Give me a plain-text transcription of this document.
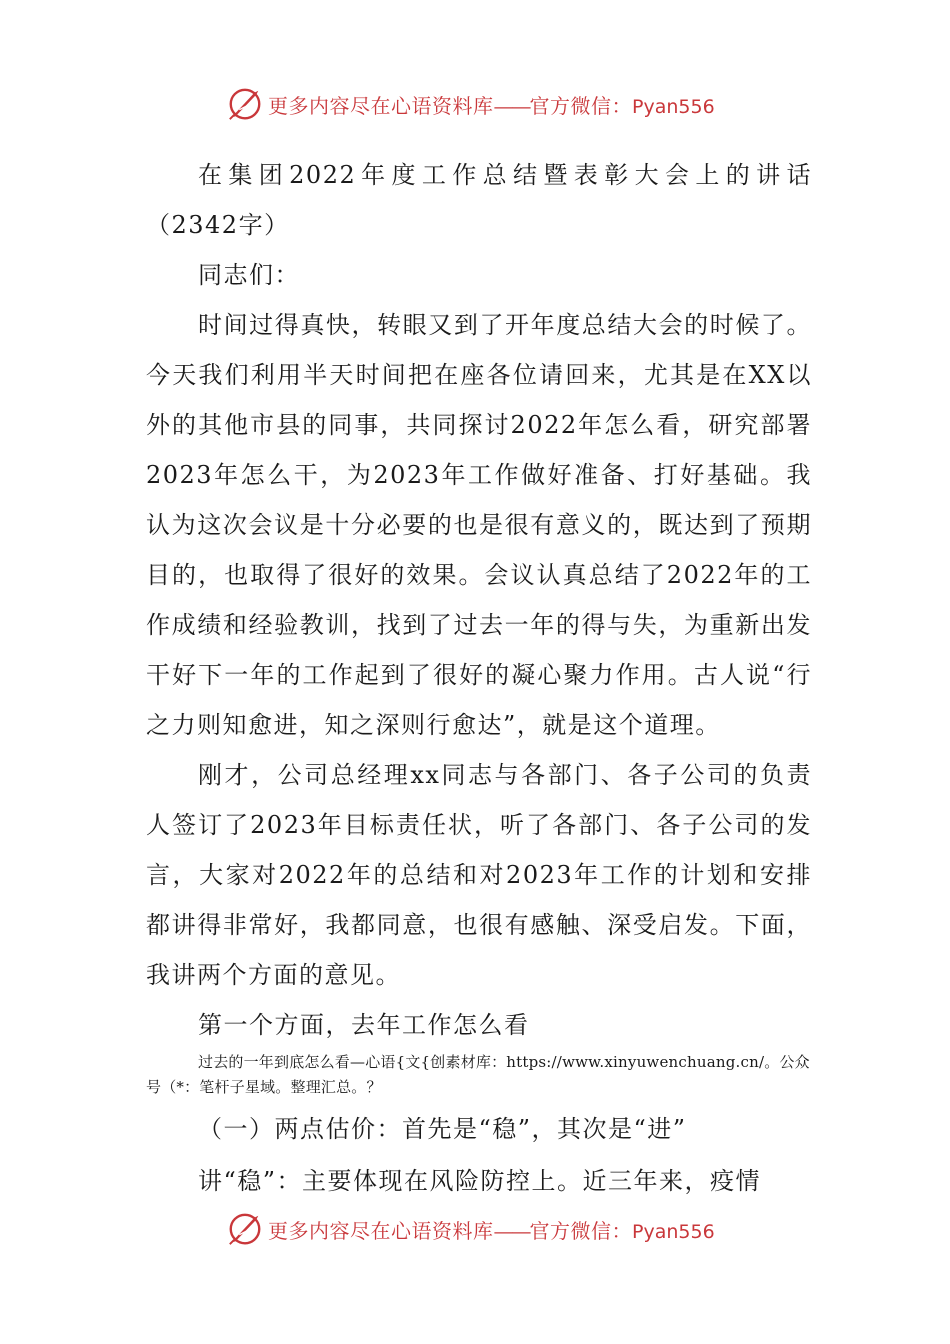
更多内容尽在心语资料库——官方微信：Pyan556

在集团2022年度工作总结暨表彰大会上的讲话（2342字）

同志们：

时间过得真快，转眼又到了开年度总结大会的时候了。今天我们利用半天时间把在座各位请回来，尤其是在XX以外的其他市县的同事，共同探讨2022年怎么看，研究部署2023年怎么干，为2023年工作做好准备、打好基础。我认为这次会议是十分必要的也是很有意义的，既达到了预期目的，也取得了很好的效果。会议认真总结了2022年的工作成绩和经验教训，找到了过去一年的得与失，为重新出发干好下一年的工作起到了很好的凝心聚力作用。古人说“行之力则知愈进，知之深则行愈达”，就是这个道理。

刚才，公司总经理xx同志与各部门、各子公司的负责人签订了2023年目标责任状，听了各部门、各子公司的发言，大家对2022年的总结和对2023年工作的计划和安排都讲得非常好，我都同意，也很有感触、深受启发。下面，我讲两个方面的意见。

第一个方面，去年工作怎么看

过去的一年到底怎么看—心语{文{创素材库：https://www.xinyuwenchuang.cn/。公众号（*：笔杆子星域。整理汇总。？

（一）两点估价：首先是“稳”，其次是“进”

讲“稳”：主要体现在风险防控上。近三年来，疫情

更多内容尽在心语资料库——官方微信：Pyan556
